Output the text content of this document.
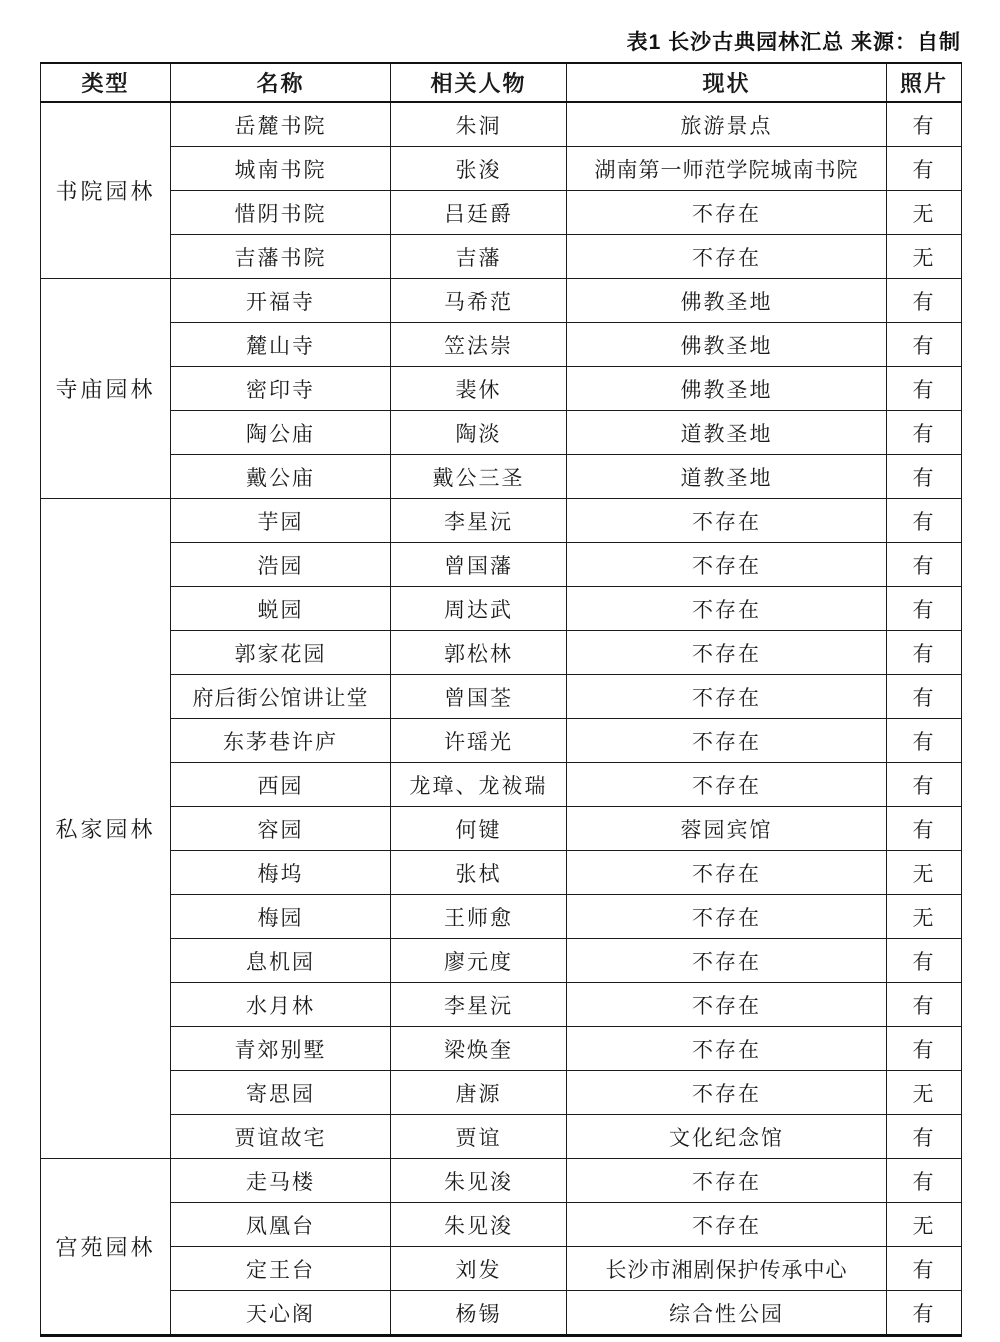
表1 长沙古典园林汇总 来源：自制
类型	名称	相关人物	现状	照片
书院园林	岳麓书院	朱洞	旅游景点	有
	城南书院	张浚	湖南第一师范学院城南书院	有
	惜阴书院	吕廷爵	不存在	无
	吉藩书院	吉藩	不存在	无
寺庙园林	开福寺	马希范	佛教圣地	有
	麓山寺	笠法崇	佛教圣地	有
	密印寺	裴休	佛教圣地	有
	陶公庙	陶淡	道教圣地	有
	戴公庙	戴公三圣	道教圣地	有
私家园林	芋园	李星沅	不存在	有
	浩园	曾国藩	不存在	有
	蜕园	周达武	不存在	有
	郭家花园	郭松林	不存在	有
	府后街公馆讲让堂	曾国荃	不存在	有
	东茅巷许庐	许瑶光	不存在	有
	西园	龙璋、龙袚瑞	不存在	有
	容园	何键	蓉园宾馆	有
	梅坞	张栻	不存在	无
	梅园	王师愈	不存在	无
	息机园	廖元度	不存在	有
	水月林	李星沅	不存在	有
	青郊别墅	梁焕奎	不存在	有
	寄思园	唐源	不存在	无
	贾谊故宅	贾谊	文化纪念馆	有
宫苑园林	走马楼	朱见浚	不存在	有
	凤凰台	朱见浚	不存在	无
	定王台	刘发	长沙市湘剧保护传承中心	有
	天心阁	杨锡	综合性公园	有
